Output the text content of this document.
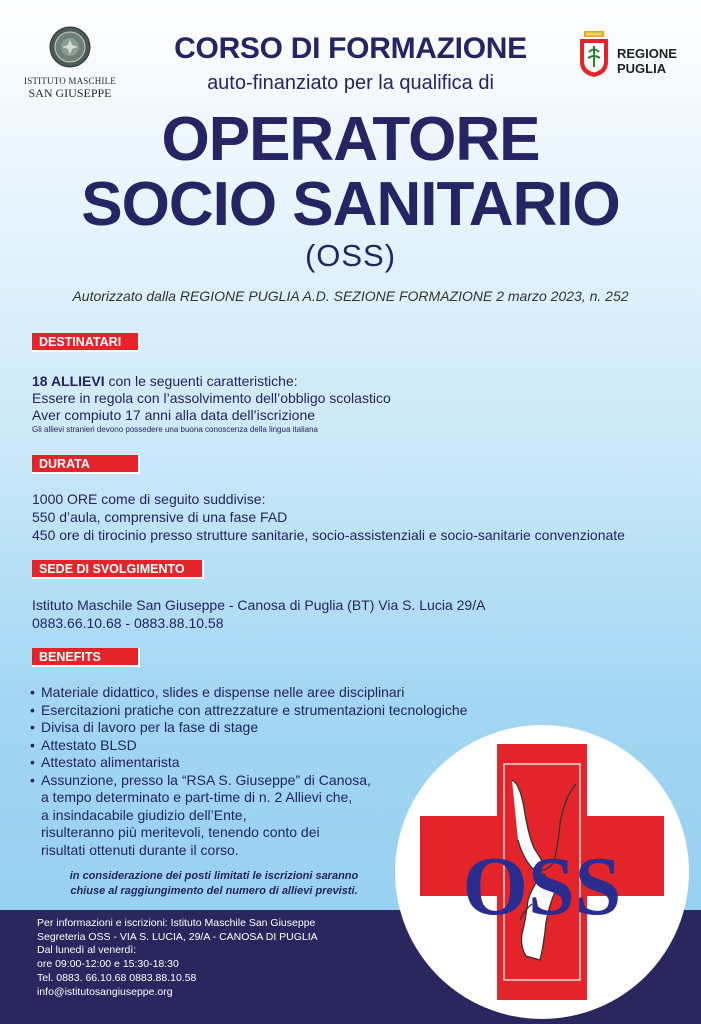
ISTITUTO MASCHILE
SAN GIUSEPPE
REGIONE
PUGLIA
CORSO DI FORMAZIONE
auto-finanziato per la qualifica di
OPERATORE
SOCIO SANITARIO
(OSS)
Autorizzato dalla REGIONE PUGLIA A.D. SEZIONE FORMAZIONE 2 marzo 2023, n. 252
DESTINATARI
18 ALLIEVI con le seguenti caratteristiche:
Essere in regola con l’assolvimento dell’obbligo scolastico
Aver compiuto 17 anni alla data dell’iscrizione
Gli allievi stranieri devono possedere una buona conoscenza della lingua italiana
DURATA
1000 ORE come di seguito suddivise:
550 d’aula, comprensive di una fase FAD
450 ore di tirocinio presso strutture sanitarie, socio-assistenziali e socio-sanitarie convenzionate
SEDE DI SVOLGIMENTO
Istituto Maschile San Giuseppe - Canosa di Puglia (BT) Via S. Lucia 29/A
0883.66.10.68 - 0883.88.10.58
BENEFITS
• Materiale didattico, slides e dispense nelle aree disciplinari
• Esercitazioni pratiche con attrezzature e strumentazioni tecnologiche
• Divisa di lavoro per la fase di stage
• Attestato BLSD
• Attestato alimentarista
• Assunzione, presso la “RSA S. Giuseppe” di Canosa,
a tempo determinato e part-time di n. 2 Allievi che,
a insindacabile giudizio dell’Ente,
risulteranno più meritevoli, tenendo conto dei
risultati ottenuti durante il corso.
in considerazione dei posti limitati le iscrizioni saranno
chiuse al raggiungimento del numero di allievi previsti.
Per informazioni e iscrizioni: Istituto Maschile San Giuseppe
Segreteria OSS - VIA S. LUCIA, 29/A - CANOSA DI PUGLIA
Dal lunedì al venerdì:
ore 09:00-12:00 e 15:30-18:30
Tel. 0883. 66.10.68 0883.88.10.58
info@istitutosangiuseppe.org
OSS
